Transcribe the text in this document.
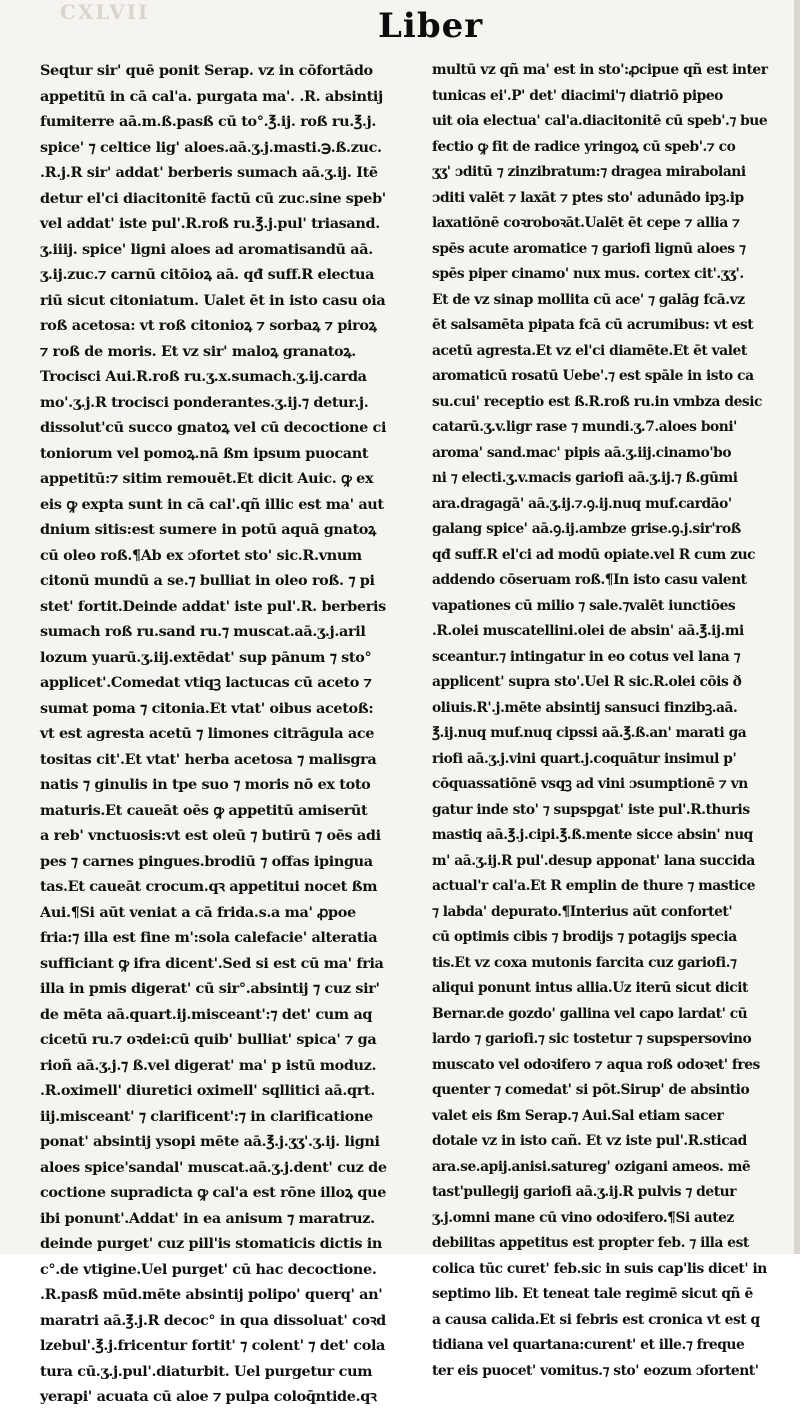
CXLVII	Liber
Seqtur sir' quē ponit Serap. vz in cōfortādo
appetitū in cā cal'a. purgata ma'. .R. absintij
fumiterre aā.m.ß.pasß cū to°.℥.ij. roß ru.℥.j.
spice' ⁊ celtice lig' aloes.aā.ʒ.j.masti.℈.ß.zuc.
.R.j.R sir' addat' berberis sumach aā.ʒ.ij. Itē
detur el'ci diacitonitē factū cū zuc.sine speb'
vel addat' iste pul'.R.roß ru.℥.j.pul' triasand.
ʒ.iiij. spice' ligni aloes ad aromatisandū aā.
ʒ.ij.zuc.⁊ carnū citōioꝝ aā. qđ suff.R electua
riū sicut citoniatum. Ualet ēt in isto casu oia
roß acetosa: vt roß citonioꝝ ⁊ sorbaꝝ ⁊ piroꝝ
⁊ roß de moris. Et vz sir' maloꝝ granatoꝝ.
Trocisci Aui.R.roß ru.ʒ.x.sumach.ʒ.ij.carda
mo'.ʒ.j.R trocisci ponderantes.ʒ.ij.⁊ detur.j.
dissolut'cū succo gnatoꝝ vel cū decoctione ci
toniorum vel pomoꝝ.nā ßm ipsum puocant
appetitū:⁊ sitim remouēt.Et dicit Auic. ꝙ ex
eis ꝙ expta sunt in cā cal'.qñ illic est ma' aut
dnium sitis:est sumere in potū aquā gnatoꝝ
cū oleo roß.¶Ab ex ɔfortet sto' sic.R.vnum
citonū mundū a se.⁊ bulliat in oleo roß. ⁊ pi
stet' fortit.Deinde addat' iste pul'.R. berberis
sumach roß ru.sand ru.⁊ muscat.aā.ʒ.j.aril
lozum yuarū.ʒ.iij.extēdat' sup pānum ⁊ sto°
applicet'.Comedat vtiqꝫ lactucas cū aceto ⁊
sumat poma ⁊ citonia.Et vtat' oibus acetoß:
vt est agresta acetū ⁊ limones citrāgula ace
tositas cit'.Et vtat' herba acetosa ⁊ malisgra
natis ⁊ ginulis in tpe suo ⁊ moris nō ex toto
maturis.Et caueāt oēs ꝙ appetitū amiserūt
a reb' vnctuosis:vt est oleū ⁊ butirū ⁊ oēs adi
pes ⁊ carnes pingues.brodiū ⁊ offas ipingua
tas.Et caueāt crocum.qꝛ appetitui nocet ßm
Aui.¶Si aūt veniat a cā frida.s.a ma' ꝓpoe
fria:⁊ illa est fine m':sola calefacie' alteratia
sufficiant ꝙ ifra dicent'.Sed si est cū ma' fria
illa in pmis digerat' cū sir°.absintij ⁊ cuz sir'
de mēta aā.quart.ij.misceant':⁊ det' cum aq
cicetū ru.⁊ oꝛdei:cū quib' bulliat' spica' ⁊ ga
rioñ aā.ʒ.j.⁊ ß.vel digerat' ma' p istū moduz.
.R.oximell' diuretici oximell' sqllitici aā.qrt.
iij.misceant' ⁊ clarificent':⁊ in clarificatione
ponat' absintij ysopi mēte aā.℥.j.ʒʒ'.ʒ.ij. ligni
aloes spice'sandal' muscat.aā.ʒ.j.dent' cuz de
coctione supradicta ꝙ cal'a est rōne illoꝝ que
ibi ponunt'.Addat' in ea anisum ⁊ maratruz.
deinde purget' cuz pill'is stomaticis dictis in
c°.de vtigine.Uel purget' cū hac decoctione.
.R.pasß mūd.mēte absintij polipo' querq' an'
maratri aā.℥.j.R decoc° in qua dissoluat' coꝛd
lzebul'.℥.j.fricentur fortit' ⁊ colent' ⁊ det' cola
tura cū.ʒ.j.pul'.diaturbit. Uel purgetur cum
yerapi' acuata cū aloe ⁊ pulpa coloq̄ntide.qꝛ
multū vz qñ ma' est in sto':ꝓcipue qñ est inter
tunicas ei'.P' det' diacimi'⁊ diatriō pipeo
uit oia electua' cal'a.diacitonitē cū speb'.⁊ bue
fectio ꝙ fit de radice yringoꝝ cū speb'.⁊ co
ʒʒ' ɔditū ⁊ zinzibratum:⁊ dragea mirabolani
ɔditi valēt ⁊ laxāt ⁊ ptes sto' adunādo ipꝫ.ip
laxatiōnē coꝛroboꝛāt.Ualēt ēt cepe ⁊ allia ⁊
spēs acute aromatice ⁊ gariofi lignū aloes ⁊
spēs piper cinamo' nux mus. cortex cit'.ʒʒ'.
Et de vz sinap mollita cū ace' ⁊ galāg fcā.vz
ēt salsamēta pipata fcā cū acrumibus: vt est
acetū agresta.Et vz el'ci diamēte.Et ēt valet
aromaticū rosatū Uebe'.⁊ est spāle in isto ca
su.cui' receptio est ß.R.roß ru.in vmbza desic
catarū.ʒ.v.ligr rase ⁊ mundi.ʒ.7.aloes boni'
aroma' sand.mac' pipis aā.ʒ.iij.cinamo'bo
ni ⁊ electi.ʒ.v.macis gariofi aā.ʒ.ij.⁊ ß.gūmi
ara.dragagā' aā.ʒ.ij.⁊.ꝯ.ij.nuq muf.cardāo'
galang spice' aā.ꝯ.ij.ambze grise.ꝯ.j.sir'roß
qđ suff.R el'ci ad modū opiate.vel R cum zuc
addendo cōseruam roß.¶In isto casu valent
vapationes cū milio ⁊ sale.⁊valēt iunctiōes
.R.olei muscatellini.olei de absin' aā.℥.ij.mi
sceantur.⁊ intingatur in eo cotus vel lana ⁊
applicent' supra sto'.Uel R sic.R.olei cōis ð
oliuis.R'.j.mēte absintij sansuci finzibꝫ.aā.
℥.ij.nuq muf.nuq cipssi aā.℥.ß.an' marati ga
riofi aā.ʒ.j.vini quart.j.coquātur insimul p'
cōquassatiōnē vsqꝫ ad vini ɔsumptionē ⁊ vn
gatur inde sto' ⁊ supspgat' iste pul'.R.thuris
mastiq aā.℥.j.cipi.℥.ß.mente sicce absin' nuq
m' aā.ʒ.ij.R pul'.desup apponat' lana succida
actual'r cal'a.Et R emplin de thure ⁊ mastice
⁊ labda' depurato.¶Interius aūt confortet'
cū optimis cibis ⁊ brodijs ⁊ potagijs specia
tis.Et vz coxa mutonis farcita cuz gariofi.⁊
aliqui ponunt intus allia.Uz iterū sicut dicit
Bernar.de gozdo' gallina vel capo lardat' cū
lardo ⁊ gariofi.⁊ sic tostetur ⁊ supspersovino
muscato vel odoꝛifero ⁊ aqua roß odoꝛet' fres
quenter ⁊ comedat' si pōt.Sirup' de absintio
valet eis ßm Serap.⁊ Aui.Sal etiam sacer
dotale vz in isto cañ. Et vz iste pul'.R.sticad
ara.se.apij.anisi.satureg' ozigani ameos. mē
tast'pullegij gariofi aā.ʒ.ij.R pulvis ⁊ detur
ʒ.j.omni mane cū vino odoꝛifero.¶Si autez
debilitas appetitus est propter feb. ⁊ illa est
colica tūc curet' feb.sic in suis cap'lis dicet' in
septimo lib. Et teneat tale regimē sicut qñ ē
a causa calida.Et si febris est cronica vt est q
tidiana vel quartana:curent' et ille.⁊ freque
ter eis puocet' vomitus.⁊ sto' eozum ɔfortent'
